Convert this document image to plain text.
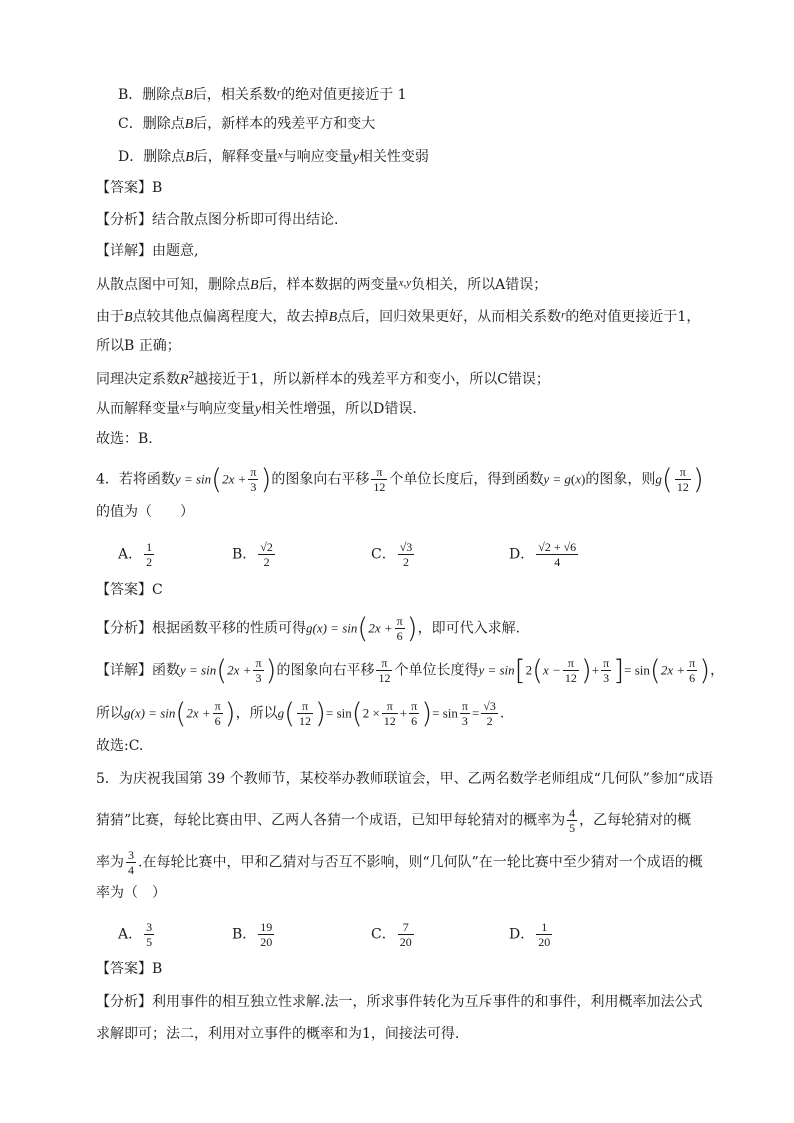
B．删除点B后，相关系数$^r$的绝对值更接近于 1
C．删除点B后，新样本的残差平方和变大
D．删除点B后，解释变量$^x$与响应变量y相关性变弱
【答案】B
【分析】结合散点图分析即可得出结论.
【详解】由题意,
从散点图中可知，删除点B后，样本数据的两变量$^{x,y}$负相关，所以A错误；
由于B点较其他点偏离程度大，故去掉B点后，回归效果更好，从而相关系数$^r$的绝对值更接近于1，
所以B 正确；
同理决定系数$R^2$越接近于1，所以新样本的残差平方和变小，所以C错误；
从而解释变量$^x$与响应变量y相关性增强，所以D错误.
故选：B.
4．若将函数$y = \sin(2x + \frac{\pi}{3}$ )的图象向右平移 $\frac{\pi}{12}$ 个单位长度后，得到函数y = g(x)的图象，则$g( \frac{\pi}{12}$ )
的值为（　　）
A． $\frac{1}{2}$	B． $\frac{√2}{2}$	C． $\frac{√3}{2}$	D． $\frac{√2 + √6}{4}$
【答案】C
【分析】根据函数平移的性质可得$g(x) = \sin(2x + \frac{\pi}{6}$ )，即可代入求解.
【详解】函数$y = \sin(2x + \frac{\pi}{3}$ )的图象向右平移 $\frac{\pi}{12}$ 个单位长度得$y = \sin[2(x - \frac{\pi}{12}$ )+ $\frac{\pi}{3}$ ]= $\sin(2x + \frac{\pi}{6}$ )，
所以$g(x) = \sin(2x + \frac{\pi}{6}$ )，所以$g( \frac{\pi}{12}$ )= $\sin(2 \times \frac{\pi}{12} + \frac{\pi}{6}$ )= $\sin \frac{\pi}{3} = \frac{√3}{2}$ .
故选:C.
5．为庆祝我国第 39 个教师节，某校举办教师联谊会，甲、乙两名数学老师组成“几何队”参加“成语
猜猜”比赛，每轮比赛由甲、乙两人各猜一个成语，已知甲每轮猜对的概率为 $\frac{4}{5}$ ，乙每轮猜对的概
率为 $\frac{3}{4}$ .在每轮比赛中，甲和乙猜对与否互不影响，则“几何队”在一轮比赛中至少猜对一个成语的概
率为（　）
A． $\frac{3}{5}$	B． $\frac{19}{20}$	C． $\frac{7}{20}$	D． $\frac{1}{20}$
【答案】B
【分析】利用事件的相互独立性求解.法一，所求事件转化为互斥事件的和事件，利用概率加法公式
求解即可；法二，利用对立事件的概率和为1，间接法可得.
